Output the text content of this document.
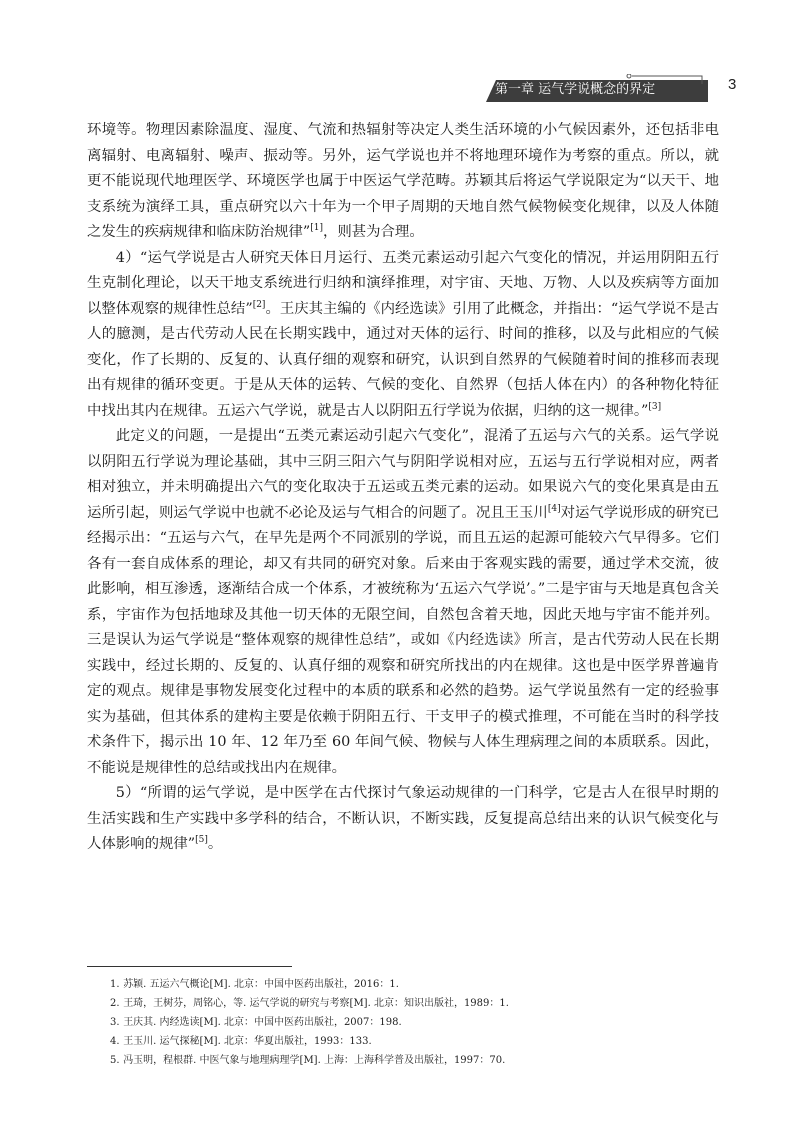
第一章 运气学说概念的界定	3

环境等。物理因素除温度、湿度、气流和热辐射等决定人类生活环境的小气候因素外，还包括非电离辐射、电离辐射、噪声、振动等。另外，运气学说也并不将地理环境作为考察的重点。所以，就更不能说现代地理医学、环境医学也属于中医运气学范畴。苏颖其后将运气学说限定为“以天干、地支系统为演绎工具，重点研究以六十年为一个甲子周期的天地自然气候物候变化规律，以及人体随之发生的疾病规律和临床防治规律”[1]，则甚为合理。

4）“运气学说是古人研究天体日月运行、五类元素运动引起六气变化的情况，并运用阴阳五行生克制化理论，以天干地支系统进行归纳和演绎推理，对宇宙、天地、万物、人以及疾病等方面加以整体观察的规律性总结”[2]。王庆其主编的《内经选读》引用了此概念，并指出：“运气学说不是古人的臆测，是古代劳动人民在长期实践中，通过对天体的运行、时间的推移，以及与此相应的气候变化，作了长期的、反复的、认真仔细的观察和研究，认识到自然界的气候随着时间的推移而表现出有规律的循环变更。于是从天体的运转、气候的变化、自然界（包括人体在内）的各种物化特征中找出其内在规律。五运六气学说，就是古人以阴阳五行学说为依据，归纳的这一规律。”[3]

此定义的问题，一是提出“五类元素运动引起六气变化”，混淆了五运与六气的关系。运气学说以阴阳五行学说为理论基础，其中三阴三阳六气与阴阳学说相对应，五运与五行学说相对应，两者相对独立，并未明确提出六气的变化取决于五运或五类元素的运动。如果说六气的变化果真是由五运所引起，则运气学说中也就不必论及运与气相合的问题了。况且王玉川[4]对运气学说形成的研究已经揭示出：“五运与六气，在早先是两个不同派别的学说，而且五运的起源可能较六气早得多。它们各有一套自成体系的理论，却又有共同的研究对象。后来由于客观实践的需要，通过学术交流，彼此影响，相互渗透，逐渐结合成一个体系，才被统称为‘五运六气学说’。”二是宇宙与天地是真包含关系，宇宙作为包括地球及其他一切天体的无限空间，自然包含着天地，因此天地与宇宙不能并列。三是误认为运气学说是“整体观察的规律性总结”，或如《内经选读》所言，是古代劳动人民在长期实践中，经过长期的、反复的、认真仔细的观察和研究所找出的内在规律。这也是中医学界普遍肯定的观点。规律是事物发展变化过程中的本质的联系和必然的趋势。运气学说虽然有一定的经验事实为基础，但其体系的建构主要是依赖于阴阳五行、干支甲子的模式推理，不可能在当时的科学技术条件下，揭示出 10 年、12 年乃至 60 年间气候、物候与人体生理病理之间的本质联系。因此，不能说是规律性的总结或找出内在规律。

5）“所谓的运气学说，是中医学在古代探讨气象运动规律的一门科学，它是古人在很早时期的生活实践和生产实践中多学科的结合，不断认识，不断实践，反复提高总结出来的认识气候变化与人体影响的规律”[5]。

1. 苏颖. 五运六气概论[M]. 北京：中国中医药出版社，2016：1.
2. 王琦，王树芬，周铭心，等. 运气学说的研究与考察[M]. 北京：知识出版社，1989：1.
3. 王庆其. 内经选读[M]. 北京：中国中医药出版社，2007：198.
4. 王玉川. 运气探秘[M]. 北京：华夏出版社，1993：133.
5. 冯玉明，程根群. 中医气象与地理病理学[M]. 上海：上海科学普及出版社，1997：70.
